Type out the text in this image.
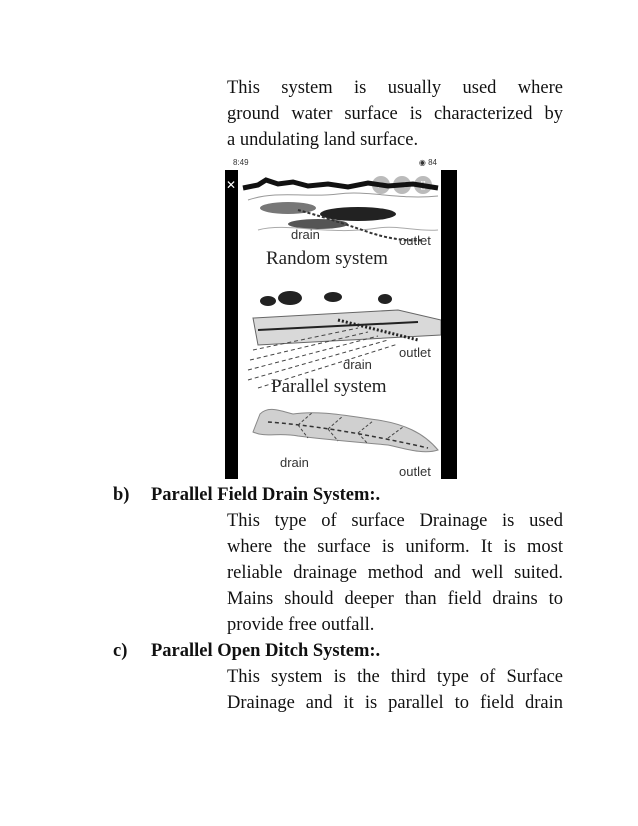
This system is usually used where
ground water surface is characterized by
a undulating land surface.
8:49	◉ 84
✕	⌕	<	▯
drain	outlet
Random system
outlet
drain
Parallel system
drain
outlet
b) Parallel Field Drain System:.
This type of surface Drainage is used
where the surface is uniform. It is most
reliable drainage method and well suited.
Mains should deeper than field drains to
provide free outfall.
c) Parallel Open Ditch System:.
This system is the third type of Surface
Drainage and it is parallel to field drain
